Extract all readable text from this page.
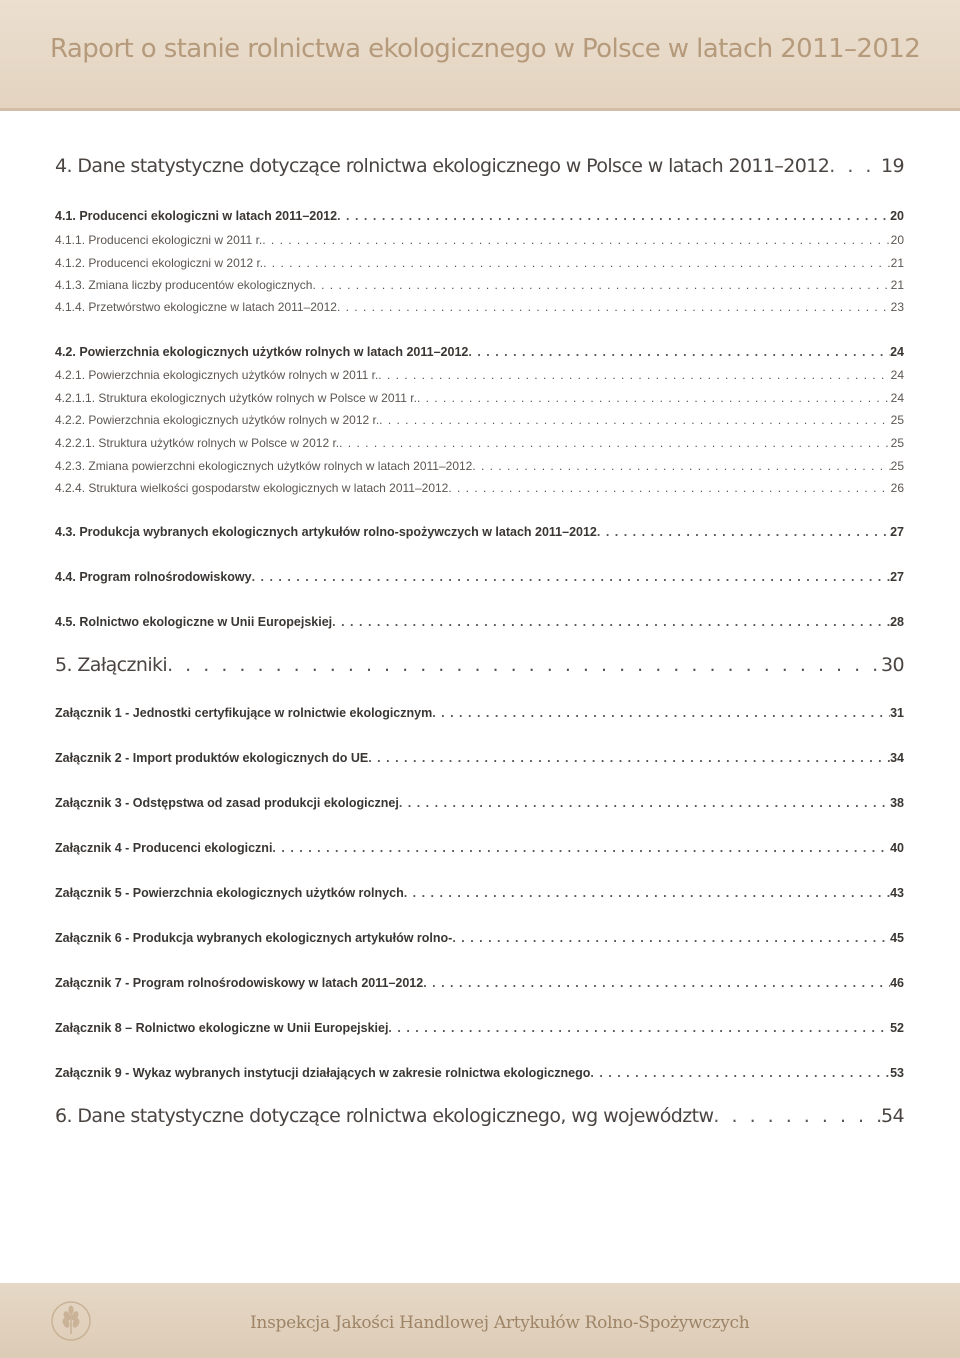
Raport o stanie rolnictwa ekologicznego w Polsce w latach 2011–2012
4. Dane statystyczne dotyczące rolnictwa ekologicznego w Polsce w latach 2011–2012 . . .	19
4.1. Producenci ekologiczni w latach 2011–2012 . . .	20
4.1.1. Producenci ekologiczni w 2011 r. . . .	20
4.1.2. Producenci ekologiczni w 2012 r. . . .	21
4.1.3. Zmiana liczby producentów ekologicznych . . .	21
4.1.4. Przetwórstwo ekologiczne w latach 2011–2012 . . .	23
4.2. Powierzchnia ekologicznych użytków rolnych w latach 2011–2012 . . .	24
4.2.1. Powierzchnia ekologicznych użytków rolnych w 2011 r. . . .	24
4.2.1.1. Struktura ekologicznych użytków rolnych w Polsce w 2011 r. . . .	24
4.2.2. Powierzchnia ekologicznych użytków rolnych w 2012 r. . . .	25
4.2.2.1. Struktura użytków rolnych w Polsce w 2012 r. . . .	25
4.2.3. Zmiana powierzchni ekologicznych użytków rolnych w latach 2011–2012 . . .	25
4.2.4. Struktura wielkości gospodarstw ekologicznych w latach 2011–2012 . . .	26
4.3. Produkcja wybranych ekologicznych artykułów rolno-spożywczych w latach 2011–2012 . . .	27
4.4. Program rolnośrodowiskowy . . .	27
4.5. Rolnictwo ekologiczne w Unii Europejskiej . . .	28
5. Załączniki . . .	30
Załącznik 1 - Jednostki certyfikujące w rolnictwie ekologicznym . . .	31
Załącznik 2 - Import produktów ekologicznych do UE . . .	34
Załącznik 3 - Odstępstwa od zasad produkcji ekologicznej . . .	38
Załącznik 4 - Producenci ekologiczni . . .	40
Załącznik 5 - Powierzchnia ekologicznych użytków rolnych . . .	43
Załącznik 6 - Produkcja wybranych ekologicznych artykułów rolno- . . .	45
Załącznik 7 - Program rolnośrodowiskowy w latach 2011–2012 . . .	46
Załącznik 8 – Rolnictwo ekologiczne w Unii Europejskiej . . .	52
Załącznik 9 - Wykaz wybranych instytucji działających w zakresie rolnictwa ekologicznego . . .	53
6. Dane statystyczne dotyczące rolnictwa ekologicznego, wg województw . . .	54
Inspekcja Jakości Handlowej Artykułów Rolno-Spożywczych
